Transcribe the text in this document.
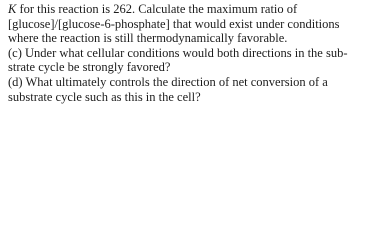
K for this reaction is 262. Calculate the maximum ratio of
[glucose]/[glucose-6-phosphate] that would exist under conditions
where the reaction is still thermodynamically favorable.
(c) Under what cellular conditions would both directions in the sub-
strate cycle be strongly favored?
(d) What ultimately controls the direction of net conversion of a
substrate cycle such as this in the cell?
